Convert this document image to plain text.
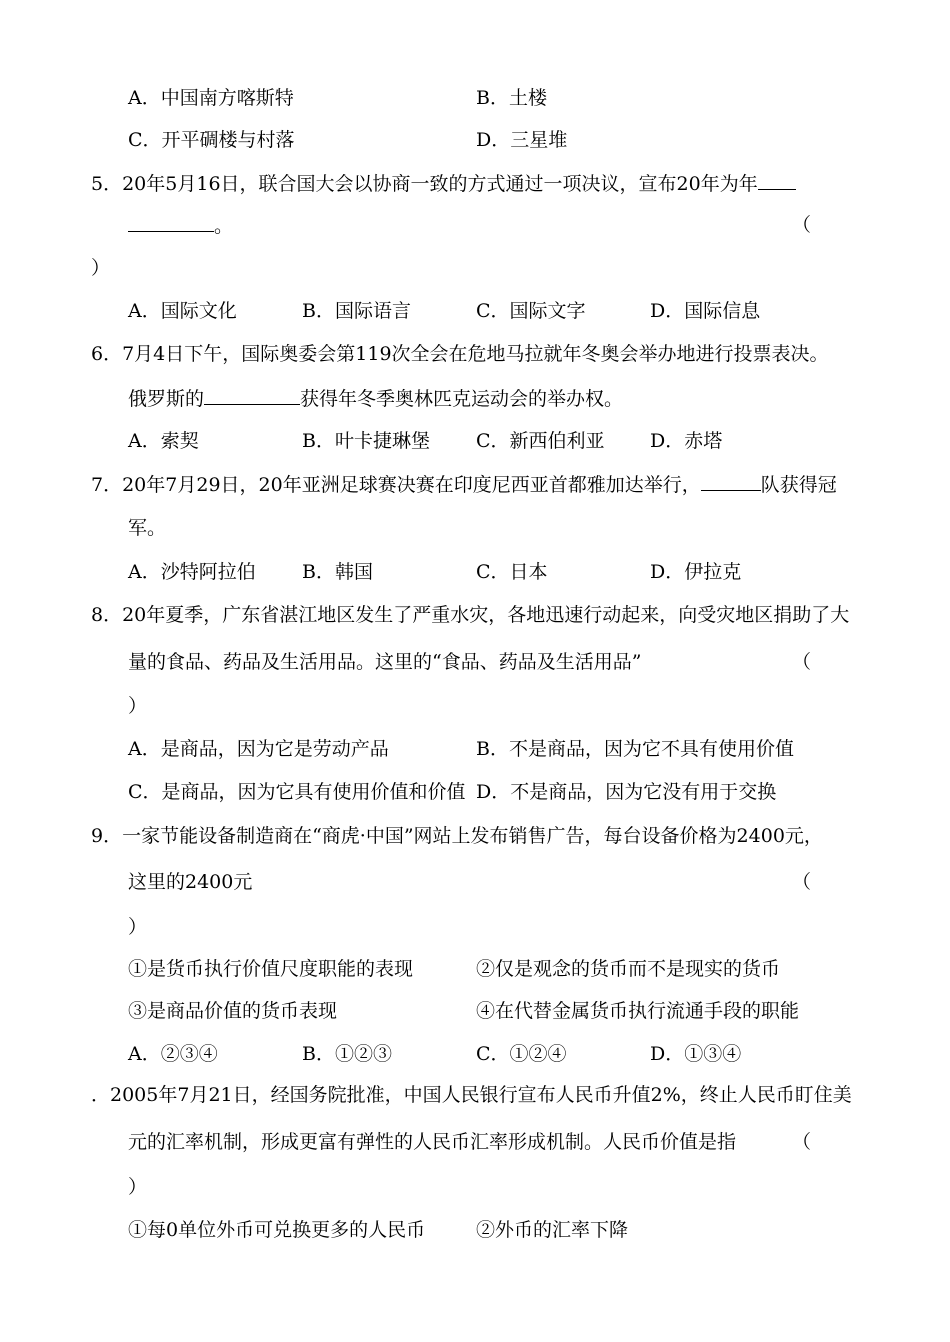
A．中国南方喀斯特	B．土楼
C．开平碉楼与村落	D．三星堆
5．20年5月16日，联合国大会以协商一致的方式通过一项决议，宣布20年为年
。	（
）
A．国际文化	B．国际语言	C．国际文字	D．国际信息
6．7月4日下午，国际奥委会第119次全会在危地马拉就年冬奥会举办地进行投票表决。
俄罗斯的	获得年冬季奥林匹克运动会的举办权。
A．索契	B．叶卡捷琳堡 C．新西伯利亚 D．赤塔
7．20年7月29日，20年亚洲足球赛决赛在印度尼西亚首都雅加达举行，	队获得冠
军。
A．沙特阿拉伯 B．韩国	C．日本	D．伊拉克
8．20年夏季，广东省湛江地区发生了严重水灾，各地迅速行动起来，向受灾地区捐助了大
量的食品、药品及生活用品。这里的“食品、药品及生活用品”	（
）
A．是商品，因为它是劳动产品	B．不是商品，因为它不具有使用价值
C．是商品，因为它具有使用价值和价值 D．不是商品，因为它没有用于交换
9．一家节能设备制造商在“商虎·中国”网站上发布销售广告，每台设备价格为2400元，
这里的2400元	（
）
①是货币执行价值尺度职能的表现	②仅是观念的货币而不是现实的货币
③是商品价值的货币表现	④在代替金属货币执行流通手段的职能
A．②③④	B．①②③	C．①②④	D．①③④
．2005年7月21日，经国务院批准，中国人民银行宣布人民币升值2%，终止人民币盯住美
元的汇率机制，形成更富有弹性的人民币汇率形成机制。人民币价值是指	（
）
①每0单位外币可兑换更多的人民币	②外币的汇率下降
